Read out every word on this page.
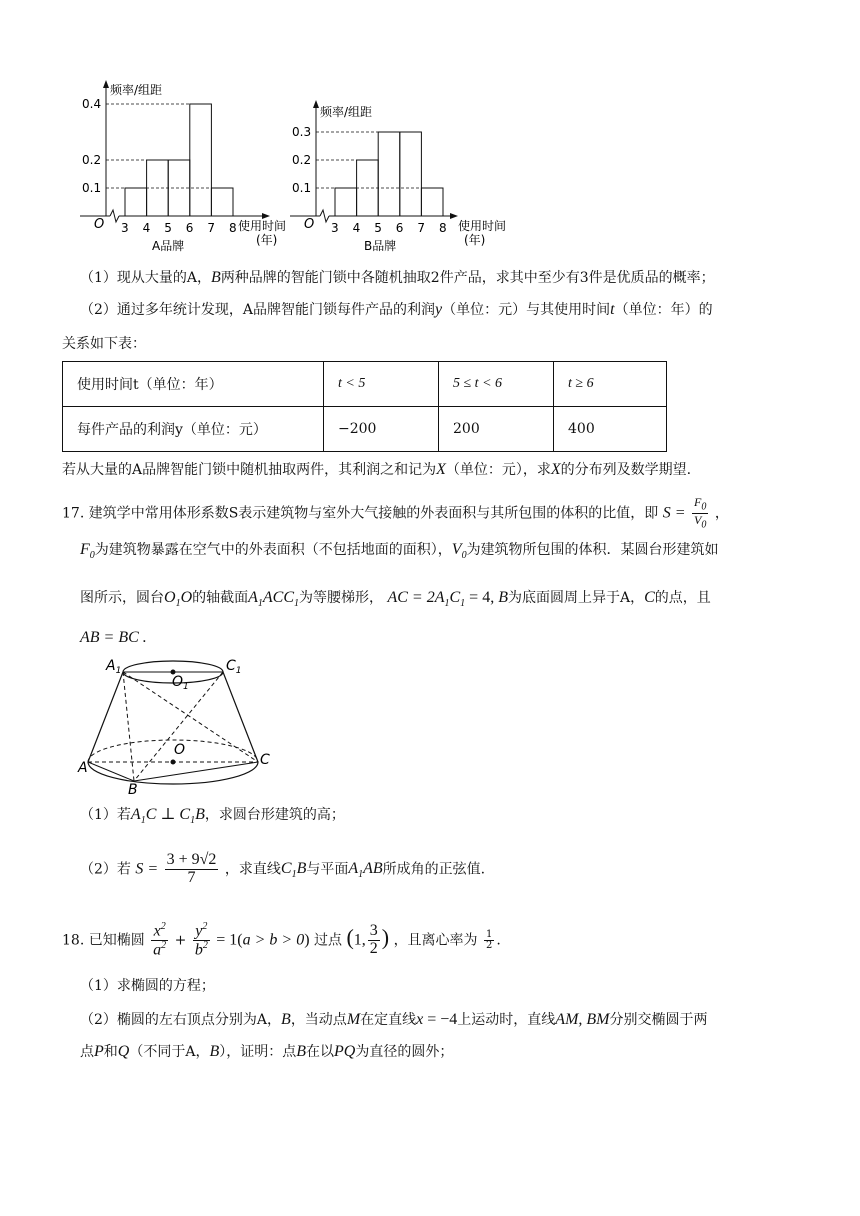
3 4 5 6 7 8
0.1
0.2
0.4
频率/组距
O	使用时间
(年)
A品牌
3 4 5 6 7 8
0.1
0.2
0.3
频率/组距
O	使用时间
(年)
B品牌
（1）现从大量的A，B两种品牌的智能门锁中各随机抽取2件产品，求其中至少有3件是优质品的概率；
（2）通过多年统计发现，A品牌智能门锁每件产品的利润y（单位：元）与其使用时间t（单位：年）的
关系如下表：
使用时间t（单位：年）	t < 5	5 ≤ t < 6	t ≥ 6
每件产品的利润y（单位：元）	−200	200	400
若从大量的A品牌智能门锁中随机抽取两件，其利润之和记为X（单位：元），求X的分布列及数学期望.
17. 建筑学中常用体形系数S表示建筑物与室外大气接触的外表面积与其所包围的体积的比值，即 $S = \frac{F_0}{V_0}$ ，
$F_0$为建筑物暴露在空气中的外表面积（不包括地面的面积），$V_0$为建筑物所包围的体积．某圆台形建筑如
图所示，圆台$O_1O$的轴截面$A_1ACC_1$为等腰梯形， AC = $2A_1C_1 = 4$, B为底面圆周上异于A，C的点，且
AB = BC .
$A_1$	$C_1$
$O_1$
O
A
B
C
（1）若$A_1C$ ⊥ $C_1B$，求圆台形建筑的高；
（2）若 $S = \frac{3 + 9√2}{7}$ ，求直线$C_1B$与平面$A_1AB$所成角的正弦值.
18. 已知椭圆 $\frac{x^2}{a^2} + \frac{y^2}{b^2} = 1(a > b > 0)$ 过点 (1, $\frac{3}{2}$ ) ，且离心率为 $\frac{1}{2}$ .
（1）求椭圆的方程；
（2）椭圆的左右顶点分别为A，B，当动点M在定直线x = −4上运动时，直线AM, BM分别交椭圆于两
点P和Q（不同于A，B），证明：点B在以PQ为直径的圆外；
